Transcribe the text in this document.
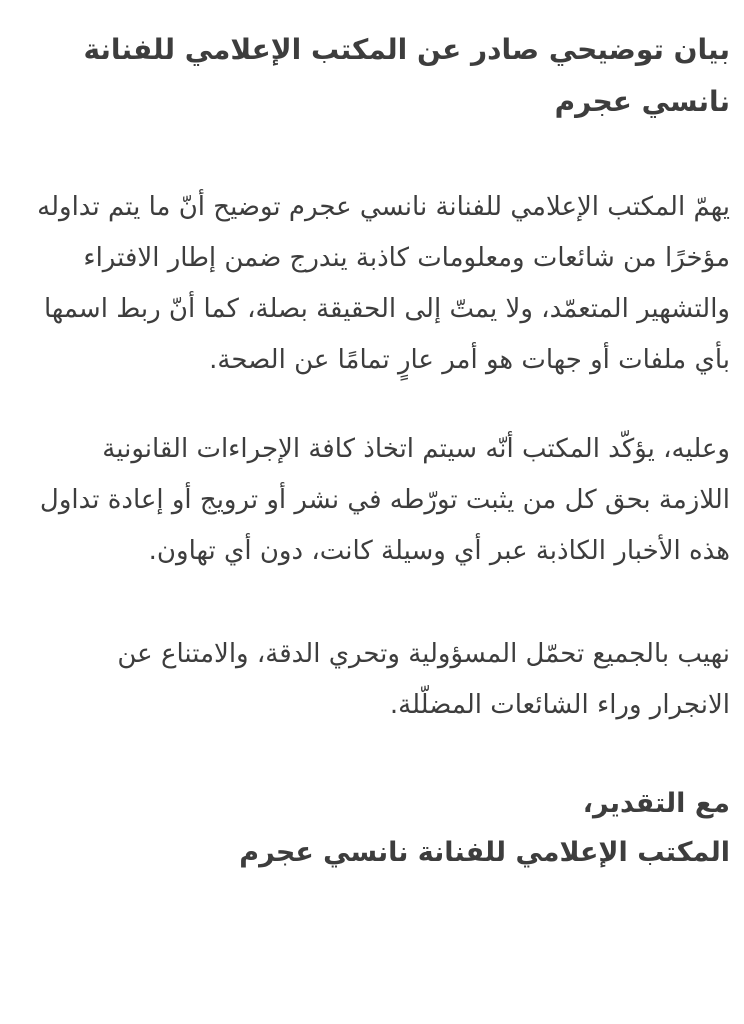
بيان توضيحي صادر عن المكتب الإعلامي للفنانة نانسي عجرم

يهمّ المكتب الإعلامي للفنانة نانسي عجرم توضيح أنّ ما يتم تداوله مؤخرًا من شائعات ومعلومات كاذبة يندرج ضمن إطار الافتراء والتشهير المتعمّد، ولا يمتّ إلى الحقيقة بصلة، كما أنّ ربط اسمها بأي ملفات أو جهات هو أمر عارٍ تمامًا عن الصحة.

وعليه، يؤكّد المكتب أنّه سيتم اتخاذ كافة الإجراءات القانونية اللازمة بحق كل من يثبت تورّطه في نشر أو ترويج أو إعادة تداول هذه الأخبار الكاذبة عبر أي وسيلة كانت، دون أي تهاون.

نهيب بالجميع تحمّل المسؤولية وتحري الدقة، والامتناع عن الانجرار وراء الشائعات المضلّلة.

مع التقدير،

المكتب الإعلامي للفنانة نانسي عجرم
